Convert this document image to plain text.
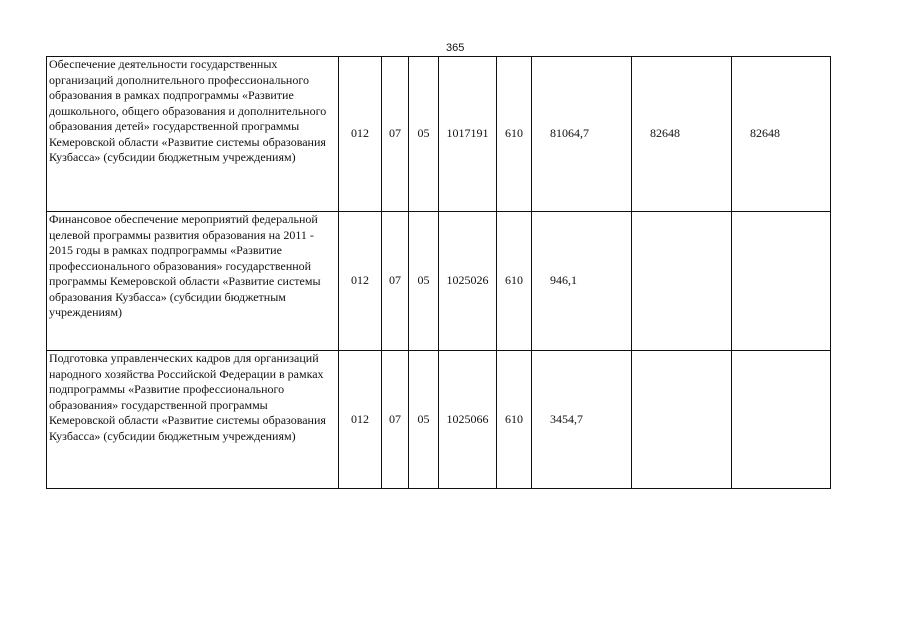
365
Обеспечение деятельности государственных организаций дополнительного профессионального образования в рамках подпрограммы «Развитие дошкольного, общего образования и дополнительного образования детей» государственной программы Кемеровской области «Развитие системы образования Кузбасса» (субсидии бюджетным учреждениям)	012	07	05	1017191	610	81064,7	82648	82648
Финансовое обеспечение мероприятий федеральной целевой программы развития образования на 2011 - 2015 годы в рамках подпрограммы «Развитие профессионального образования» государственной программы Кемеровской области «Развитие системы образования Кузбасса» (субсидии бюджетным учреждениям)	012	07	05	1025026	610	946,1		
Подготовка управленческих кадров для организаций народного хозяйства Российской Федерации в рамках подпрограммы «Развитие профессионального образования» государственной программы Кемеровской области «Развитие системы образования Кузбасса» (субсидии бюджетным учреждениям)	012	07	05	1025066	610	3454,7		
